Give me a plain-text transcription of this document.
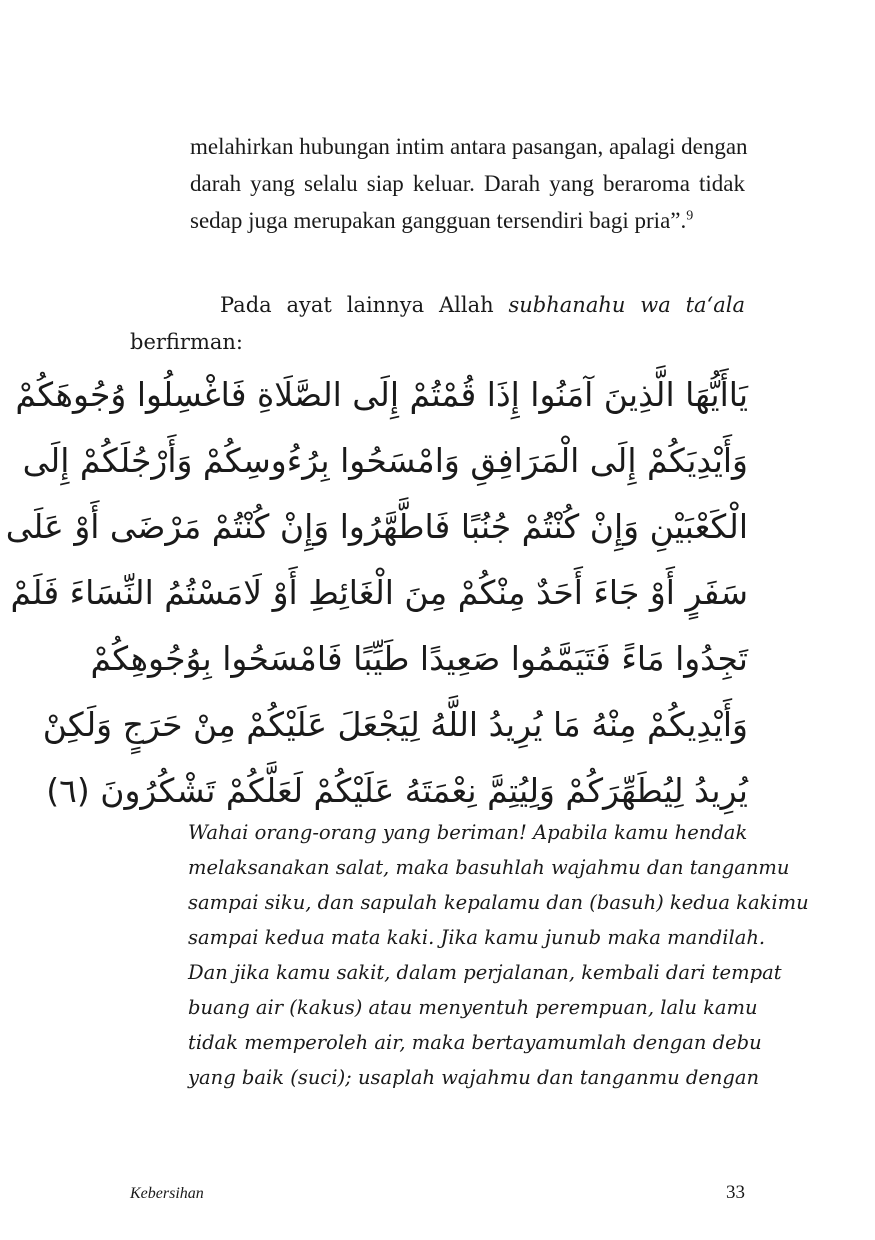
melahirkan hubungan intim antara pasangan, apalagi dengan
darah yang selalu siap keluar. Darah yang beraroma tidak
sedap juga merupakan gangguan tersendiri bagi pria”.$^9$
Pada ayat lainnya Allah subhanahu wa ta‘ala
berfirman:
يَاأَيُّهَا الَّذِينَ آمَنُوا إِذَا قُمْتُمْ إِلَى الصَّلَاةِ فَاغْسِلُوا وُجُوهَكُمْ
وَأَيْدِيَكُمْ إِلَى الْمَرَافِقِ وَامْسَحُوا بِرُءُوسِكُمْ وَأَرْجُلَكُمْ إِلَى
الْكَعْبَيْنِ وَإِنْ كُنْتُمْ جُنُبًا فَاطَّهَّرُوا وَإِنْ كُنْتُمْ مَرْضَى أَوْ عَلَى
سَفَرٍ أَوْ جَاءَ أَحَدٌ مِنْكُمْ مِنَ الْغَائِطِ أَوْ لَامَسْتُمُ النِّسَاءَ فَلَمْ
تَجِدُوا مَاءً فَتَيَمَّمُوا صَعِيدًا طَيِّبًا فَامْسَحُوا بِوُجُوهِكُمْ
وَأَيْدِيكُمْ مِنْهُ مَا يُرِيدُ اللَّهُ لِيَجْعَلَ عَلَيْكُمْ مِنْ حَرَجٍ وَلَكِنْ
يُرِيدُ لِيُطَهِّرَكُمْ وَلِيُتِمَّ نِعْمَتَهُ عَلَيْكُمْ لَعَلَّكُمْ تَشْكُرُونَ (٦)
Wahai orang-orang yang beriman! Apabila kamu hendak
melaksanakan salat, maka basuhlah wajahmu dan tanganmu
sampai siku, dan sapulah kepalamu dan (basuh) kedua kakimu
sampai kedua mata kaki. Jika kamu junub maka mandilah.
Dan jika kamu sakit, dalam perjalanan, kembali dari tempat
buang air (kakus) atau menyentuh perempuan, lalu kamu
tidak memperoleh air, maka bertayamumlah dengan debu
yang baik (suci); usaplah wajahmu dan tanganmu dengan
Kebersihan	33
